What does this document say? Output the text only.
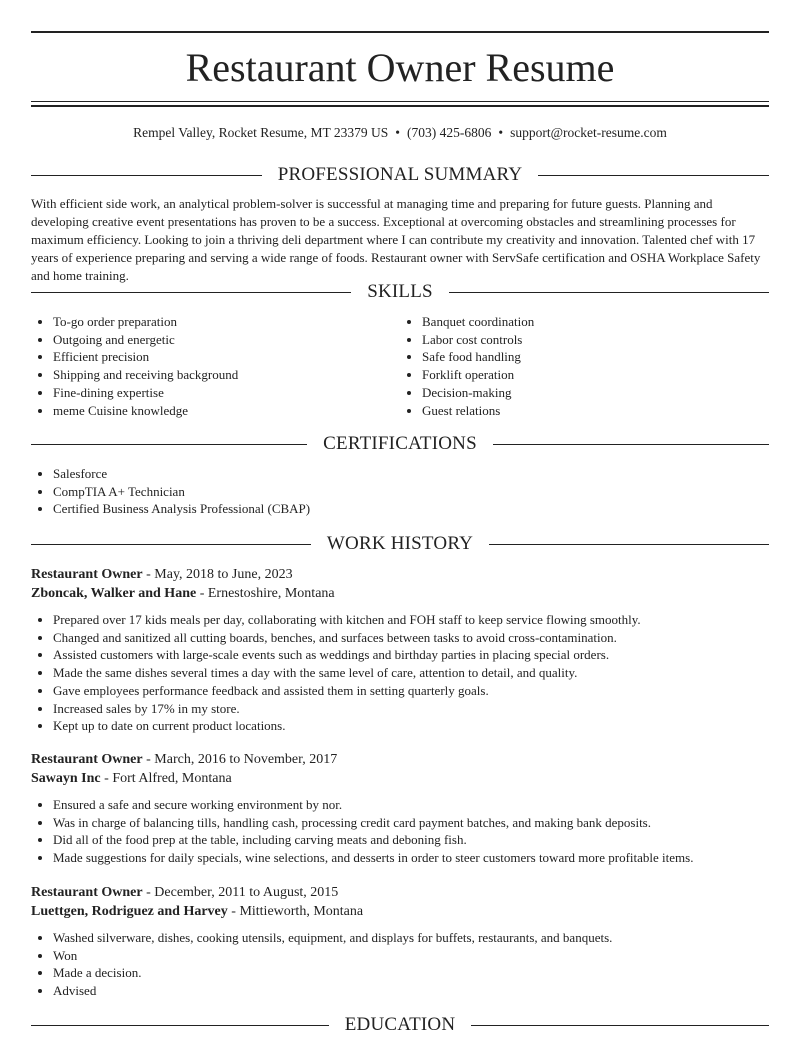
Restaurant Owner Resume
Rempel Valley, Rocket Resume, MT 23379 US • (703) 425-6806 • support@rocket-resume.com
PROFESSIONAL SUMMARY
With efficient side work, an analytical problem-solver is successful at managing time and preparing for future guests. Planning and developing creative event presentations has proven to be a success. Exceptional at overcoming obstacles and streamlining processes for maximum efficiency. Looking to join a thriving deli department where I can contribute my creativity and innovation. Talented chef with 17 years of experience preparing and serving a wide range of foods. Restaurant owner with ServSafe certification and OSHA Workplace Safety and home training.
SKILLS
• To-go order preparation
• Outgoing and energetic
• Efficient precision
• Shipping and receiving background
• Fine-dining expertise
• meme Cuisine knowledge
• Banquet coordination
• Labor cost controls
• Safe food handling
• Forklift operation
• Decision-making
• Guest relations
CERTIFICATIONS
• Salesforce
• CompTIA A+ Technician
• Certified Business Analysis Professional (CBAP)
WORK HISTORY
Restaurant Owner - May, 2018 to June, 2023
Zboncak, Walker and Hane - Ernestoshire, Montana
• Prepared over 17 kids meals per day, collaborating with kitchen and FOH staff to keep service flowing smoothly.
• Changed and sanitized all cutting boards, benches, and surfaces between tasks to avoid cross-contamination.
• Assisted customers with large-scale events such as weddings and birthday parties in placing special orders.
• Made the same dishes several times a day with the same level of care, attention to detail, and quality.
• Gave employees performance feedback and assisted them in setting quarterly goals.
• Increased sales by 17% in my store.
• Kept up to date on current product locations.
Restaurant Owner - March, 2016 to November, 2017
Sawayn Inc - Fort Alfred, Montana
• Ensured a safe and secure working environment by nor.
• Was in charge of balancing tills, handling cash, processing credit card payment batches, and making bank deposits.
• Did all of the food prep at the table, including carving meats and deboning fish.
• Made suggestions for daily specials, wine selections, and desserts in order to steer customers toward more profitable items.
Restaurant Owner - December, 2011 to August, 2015
Luettgen, Rodriguez and Harvey - Mittieworth, Montana
• Washed silverware, dishes, cooking utensils, equipment, and displays for buffets, restaurants, and banquets.
• Won
• Made a decision.
• Advised
EDUCATION
